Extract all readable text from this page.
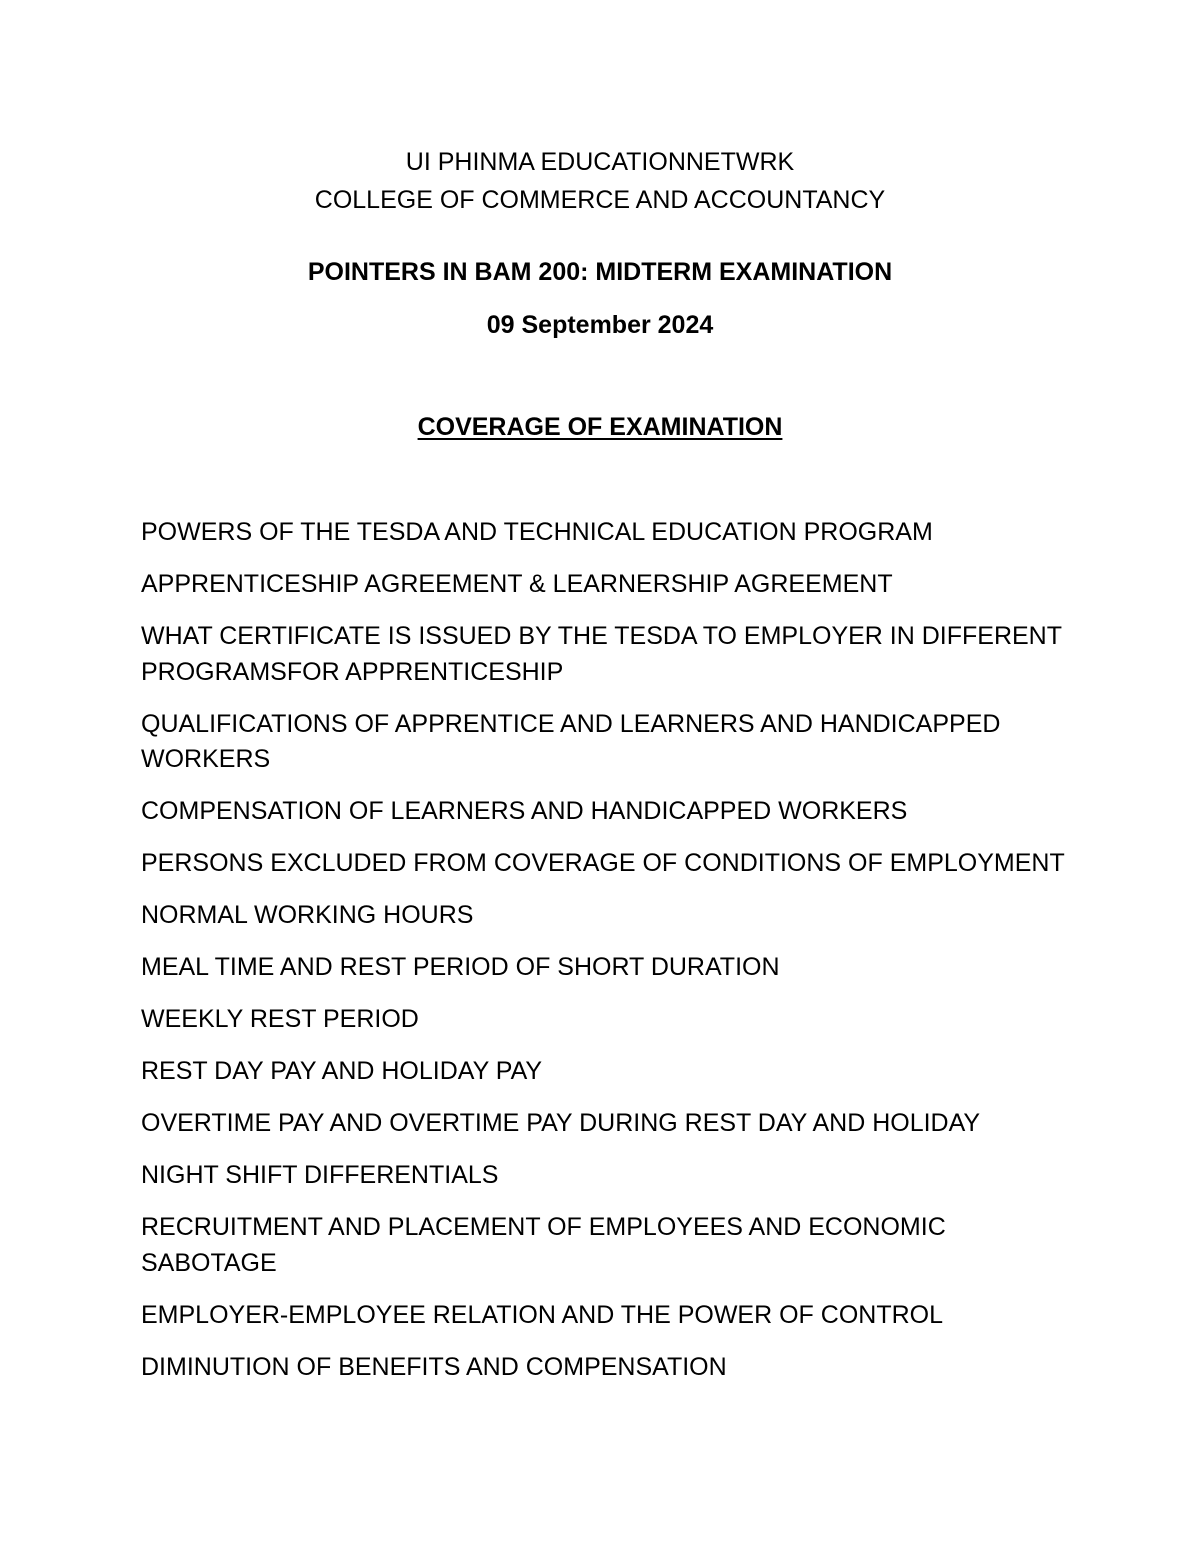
UI PHINMA EDUCATIONNETWRK
COLLEGE OF COMMERCE AND ACCOUNTANCY
POINTERS IN BAM 200: MIDTERM EXAMINATION
09 September 2024
COVERAGE OF EXAMINATION
POWERS OF THE TESDA AND TECHNICAL EDUCATION PROGRAM
APPRENTICESHIP AGREEMENT & LEARNERSHIP AGREEMENT
WHAT CERTIFICATE IS ISSUED BY THE TESDA TO EMPLOYER IN DIFFERENT PROGRAMSFOR APPRENTICESHIP
QUALIFICATIONS OF APPRENTICE AND LEARNERS AND HANDICAPPED WORKERS
COMPENSATION OF LEARNERS AND HANDICAPPED WORKERS
PERSONS EXCLUDED FROM COVERAGE OF CONDITIONS OF EMPLOYMENT
NORMAL WORKING HOURS
MEAL TIME AND REST PERIOD OF SHORT DURATION
WEEKLY REST PERIOD
REST DAY PAY AND HOLIDAY PAY
OVERTIME PAY AND OVERTIME PAY DURING REST DAY AND HOLIDAY
NIGHT SHIFT DIFFERENTIALS
RECRUITMENT AND PLACEMENT OF EMPLOYEES AND ECONOMIC SABOTAGE
EMPLOYER-EMPLOYEE RELATION AND THE POWER OF CONTROL
DIMINUTION OF BENEFITS AND COMPENSATION
